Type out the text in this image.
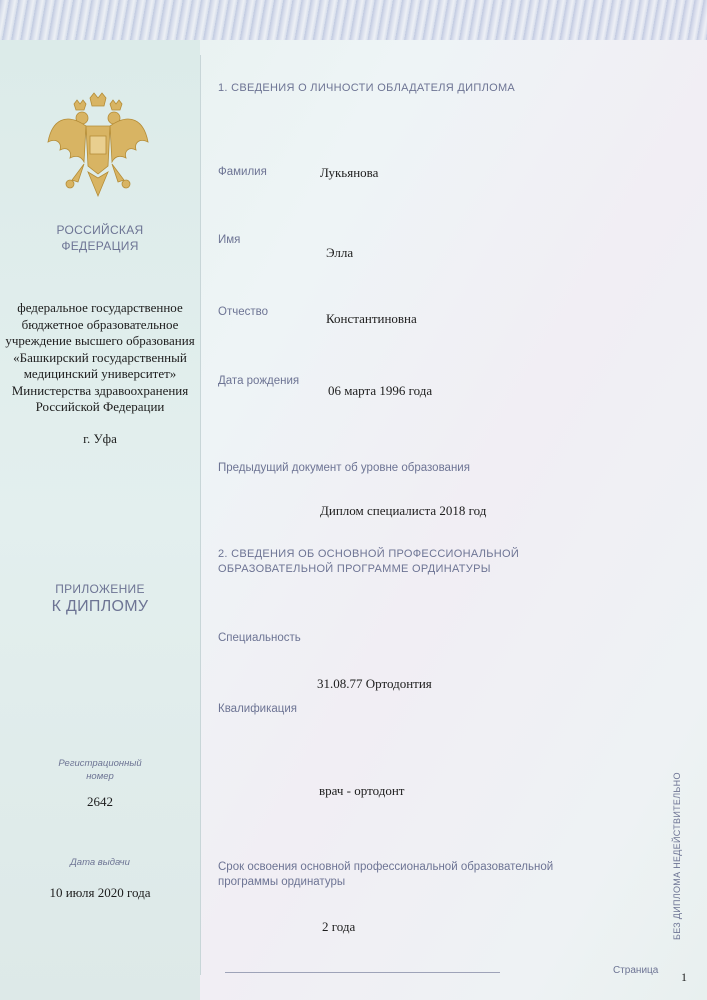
РОССИЙСКАЯ
ФЕДЕРАЦИЯ
федеральное государственное
бюджетное образовательное
учреждение высшего образования
«Башкирский государственный
медицинский университет»
Министерства здравоохранения
Российской Федерации
г. Уфа
ПРИЛОЖЕНИЕ
К ДИПЛОМУ
Регистрационный
номер
2642
Дата выдачи
10 июля 2020 года
1. СВЕДЕНИЯ О ЛИЧНОСТИ ОБЛАДАТЕЛЯ ДИПЛОМА
Фамилия	Лукьянова
Имя
Элла
Отчество	Константиновна
Дата рождения
06 марта 1996 года
Предыдущий документ об уровне образования
Диплом специалиста 2018 год
2. СВЕДЕНИЯ ОБ ОСНОВНОЙ ПРОФЕССИОНАЛЬНОЙ
ОБРАЗОВАТЕЛЬНОЙ ПРОГРАММЕ ОРДИНАТУРЫ
Специальность
31.08.77 Ортодонтия
Квалификация
врач - ортодонт
Срок освоения основной профессиональной образовательной
программы ординатуры
2 года
Страница 1
БЕЗ ДИПЛОМА НЕДЕЙСТВИТЕЛЬНО
